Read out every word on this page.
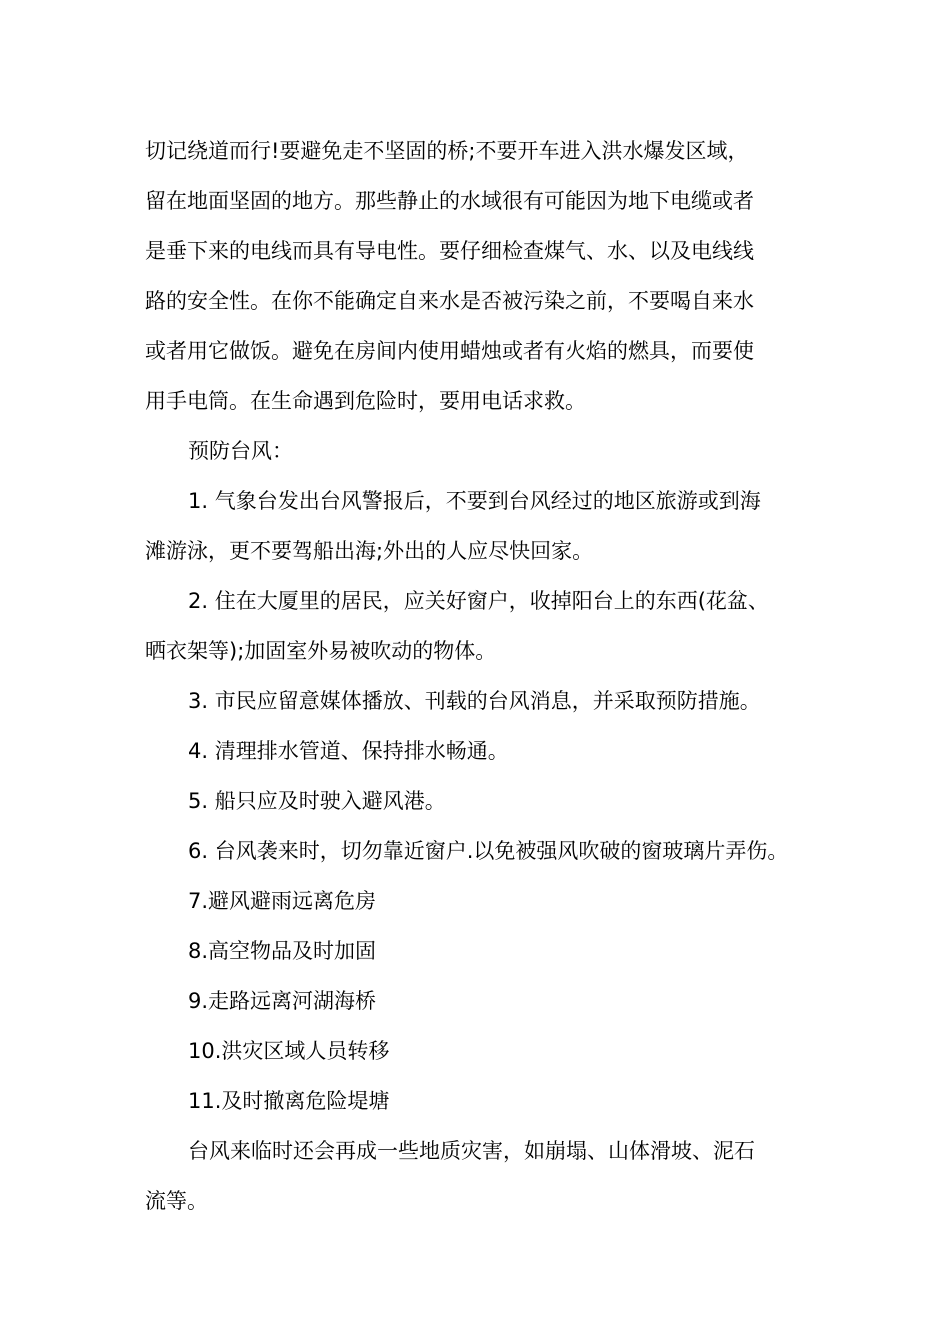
切记绕道而行!要避免走不坚固的桥;不要开车进入洪水爆发区域，
留在地面坚固的地方。那些静止的水域很有可能因为地下电缆或者
是垂下来的电线而具有导电性。要仔细检查煤气、水、以及电线线
路的安全性。在你不能确定自来水是否被污染之前，不要喝自来水
或者用它做饭。避免在房间内使用蜡烛或者有火焰的燃具，而要使
用手电筒。在生命遇到危险时，要用电话求救。
预防台风：
1. 气象台发出台风警报后，不要到台风经过的地区旅游或到海
滩游泳，更不要驾船出海;外出的人应尽快回家。
2. 住在大厦里的居民，应关好窗户，收掉阳台上的东西(花盆、
晒衣架等);加固室外易被吹动的物体。
3. 市民应留意媒体播放、刊载的台风消息，并采取预防措施。
4. 清理排水管道、保持排水畅通。
5. 船只应及时驶入避风港。
6. 台风袭来时，切勿靠近窗户.以免被强风吹破的窗玻璃片弄伤。
7.避风避雨远离危房
8.高空物品及时加固
9.走路远离河湖海桥
10.洪灾区域人员转移
11.及时撤离危险堤塘
台风来临时还会再成一些地质灾害，如崩塌、山体滑坡、泥石
流等。
